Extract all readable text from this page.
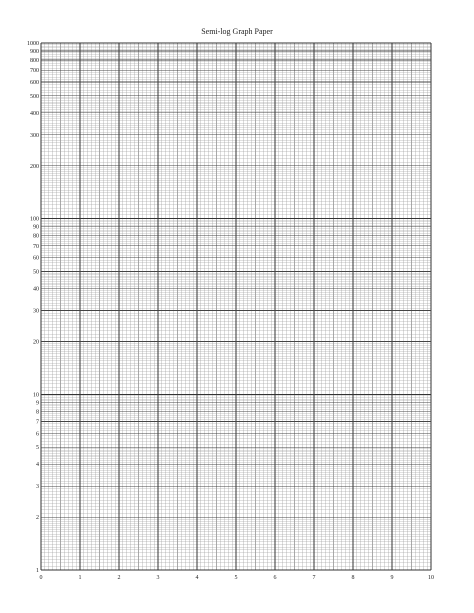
Semi-log Graph Paper
1
2
3
4
5
6
7
8
9
10
20
30
40
50
60
70
80
90
100
200
300
400
500
600
700
800
900
1000
0	1	2	3	4	5	6	7	8	9	10
